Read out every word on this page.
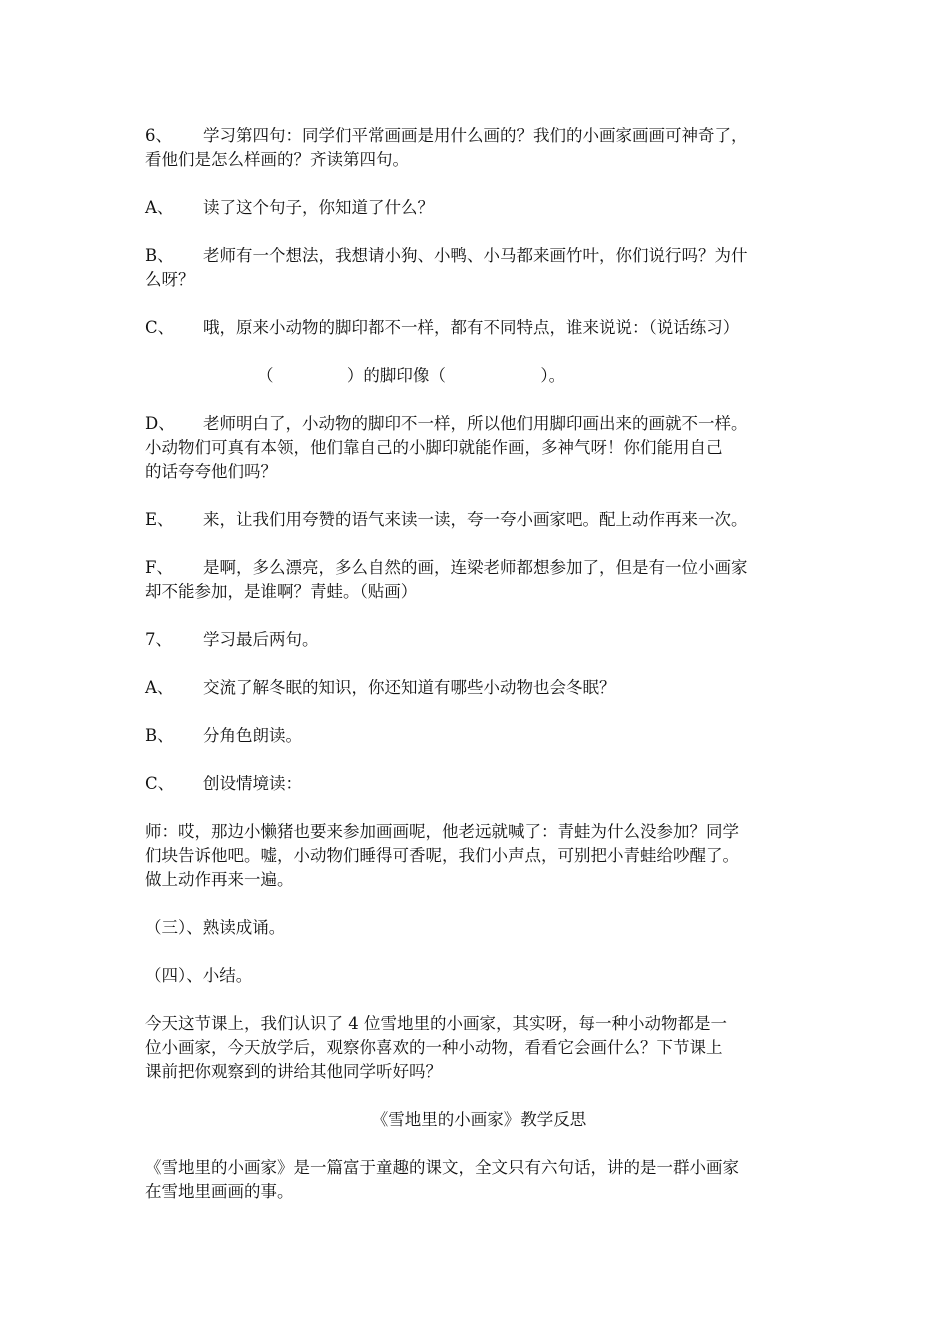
6、	学习第四句：同学们平常画画是用什么画的？我们的小画家画画可神奇了，
看他们是怎么样画的？齐读第四句。
A、	读了这个句子，你知道了什么？
B、	老师有一个想法，我想请小狗、小鸭、小马都来画竹叶，你们说行吗？为什
么呀？
C、	哦，原来小动物的脚印都不一样，都有不同特点，谁来说说：（说话练习）
（              ）的脚印像（                  ）。
D、	老师明白了，小动物的脚印不一样，所以他们用脚印画出来的画就不一样。
小动物们可真有本领，他们靠自己的小脚印就能作画，多神气呀！你们能用自己
的话夸夸他们吗？
E、	来，让我们用夸赞的语气来读一读，夸一夸小画家吧。配上动作再来一次。
F、	是啊，多么漂亮，多么自然的画，连梁老师都想参加了，但是有一位小画家
却不能参加，是谁啊？青蛙。（贴画）
7、	学习最后两句。
A、	交流了解冬眠的知识，你还知道有哪些小动物也会冬眠？
B、	分角色朗读。
C、	创设情境读：
师：哎，那边小懒猪也要来参加画画呢，他老远就喊了：青蛙为什么没参加？同学
们块告诉他吧。嘘，小动物们睡得可香呢，我们小声点，可别把小青蛙给吵醒了。
做上动作再来一遍。
（三）、熟读成诵。
（四）、小结。
今天这节课上，我们认识了 4 位雪地里的小画家，其实呀，每一种小动物都是一
位小画家，今天放学后，观察你喜欢的一种小动物，看看它会画什么？下节课上
课前把你观察到的讲给其他同学听好吗？
《雪地里的小画家》教学反思
《雪地里的小画家》是一篇富于童趣的课文，全文只有六句话，讲的是一群小画家
在雪地里画画的事。
